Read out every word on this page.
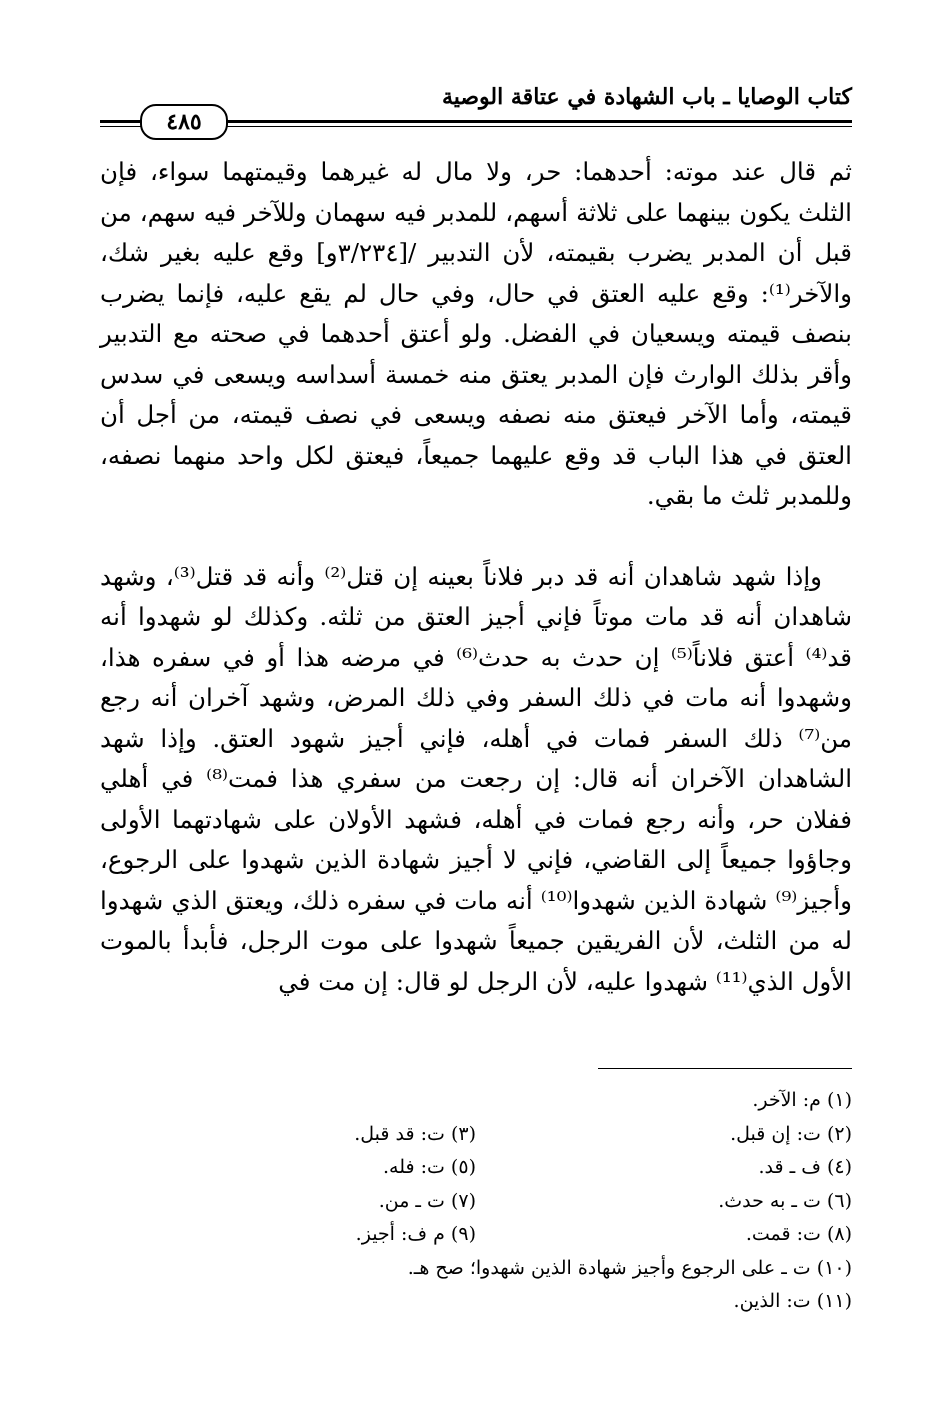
كتاب الوصايا ـ باب الشهادة في عتاقة الوصية
٤٨٥

ثم قال عند موته: أحدهما: حر، ولا مال له غيرهما وقيمتهما سواء، فإن الثلث يكون بينهما على ثلاثة أسهم، للمدبر فيه سهمان وللآخر فيه سهم، من قبل أن المدبر يضرب بقيمته، لأن التدبير /[٣/٢٣٤و] وقع عليه بغير شك، والآخر⁽¹⁾: وقع عليه العتق في حال، وفي حال لم يقع عليه، فإنما يضرب بنصف قيمته ويسعيان في الفضل. ولو أعتق أحدهما في صحته مع التدبير وأقر بذلك الوارث فإن المدبر يعتق منه خمسة أسداسه ويسعى في سدس قيمته، وأما الآخر فيعتق منه نصفه ويسعى في نصف قيمته، من أجل أن العتق في هذا الباب قد وقع عليهما جميعاً، فيعتق لكل واحد منهما نصفه، وللمدبر ثلث ما بقي.

وإذا شهد شاهدان أنه قد دبر فلاناً بعينه إن قتل⁽²⁾ وأنه قد قتل⁽³⁾، وشهد شاهدان أنه قد مات موتاً فإني أجيز العتق من ثلثه. وكذلك لو شهدوا أنه قد⁽⁴⁾ أعتق فلاناً⁽⁵⁾ إن حدث به حدث⁽⁶⁾ في مرضه هذا أو في سفره هذا، وشهدوا أنه مات في ذلك السفر وفي ذلك المرض، وشهد آخران أنه رجع من⁽⁷⁾ ذلك السفر فمات في أهله، فإني أجيز شهود العتق. وإذا شهد الشاهدان الآخران أنه قال: إن رجعت من سفري هذا فمت⁽⁸⁾ في أهلي ففلان حر، وأنه رجع فمات في أهله، فشهد الأولان على شهادتهما الأولى وجاؤوا جميعاً إلى القاضي، فإني لا أجيز شهادة الذين شهدوا على الرجوع، وأجيز⁽⁹⁾ شهادة الذين شهدوا⁽¹⁰⁾ أنه مات في سفره ذلك، ويعتق الذي شهدوا له من الثلث، لأن الفريقين جميعاً شهدوا على موت الرجل، فأبدأ بالموت الأول الذي⁽¹¹⁾ شهدوا عليه، لأن الرجل لو قال: إن مت في

(١) م: الآخر.
(٢) ت: إن قبل.
(٣) ت: قد قبل.
(٤) ف ـ قد.
(٥) ت: فله.
(٦) ت ـ به حدث.
(٧) ت ـ من.
(٨) ت: قمت.
(٩) م ف: أجيز.
(١٠) ت ـ على الرجوع وأجيز شهادة الذين شهدوا؛ صح هـ.
(١١) ت: الذين.
